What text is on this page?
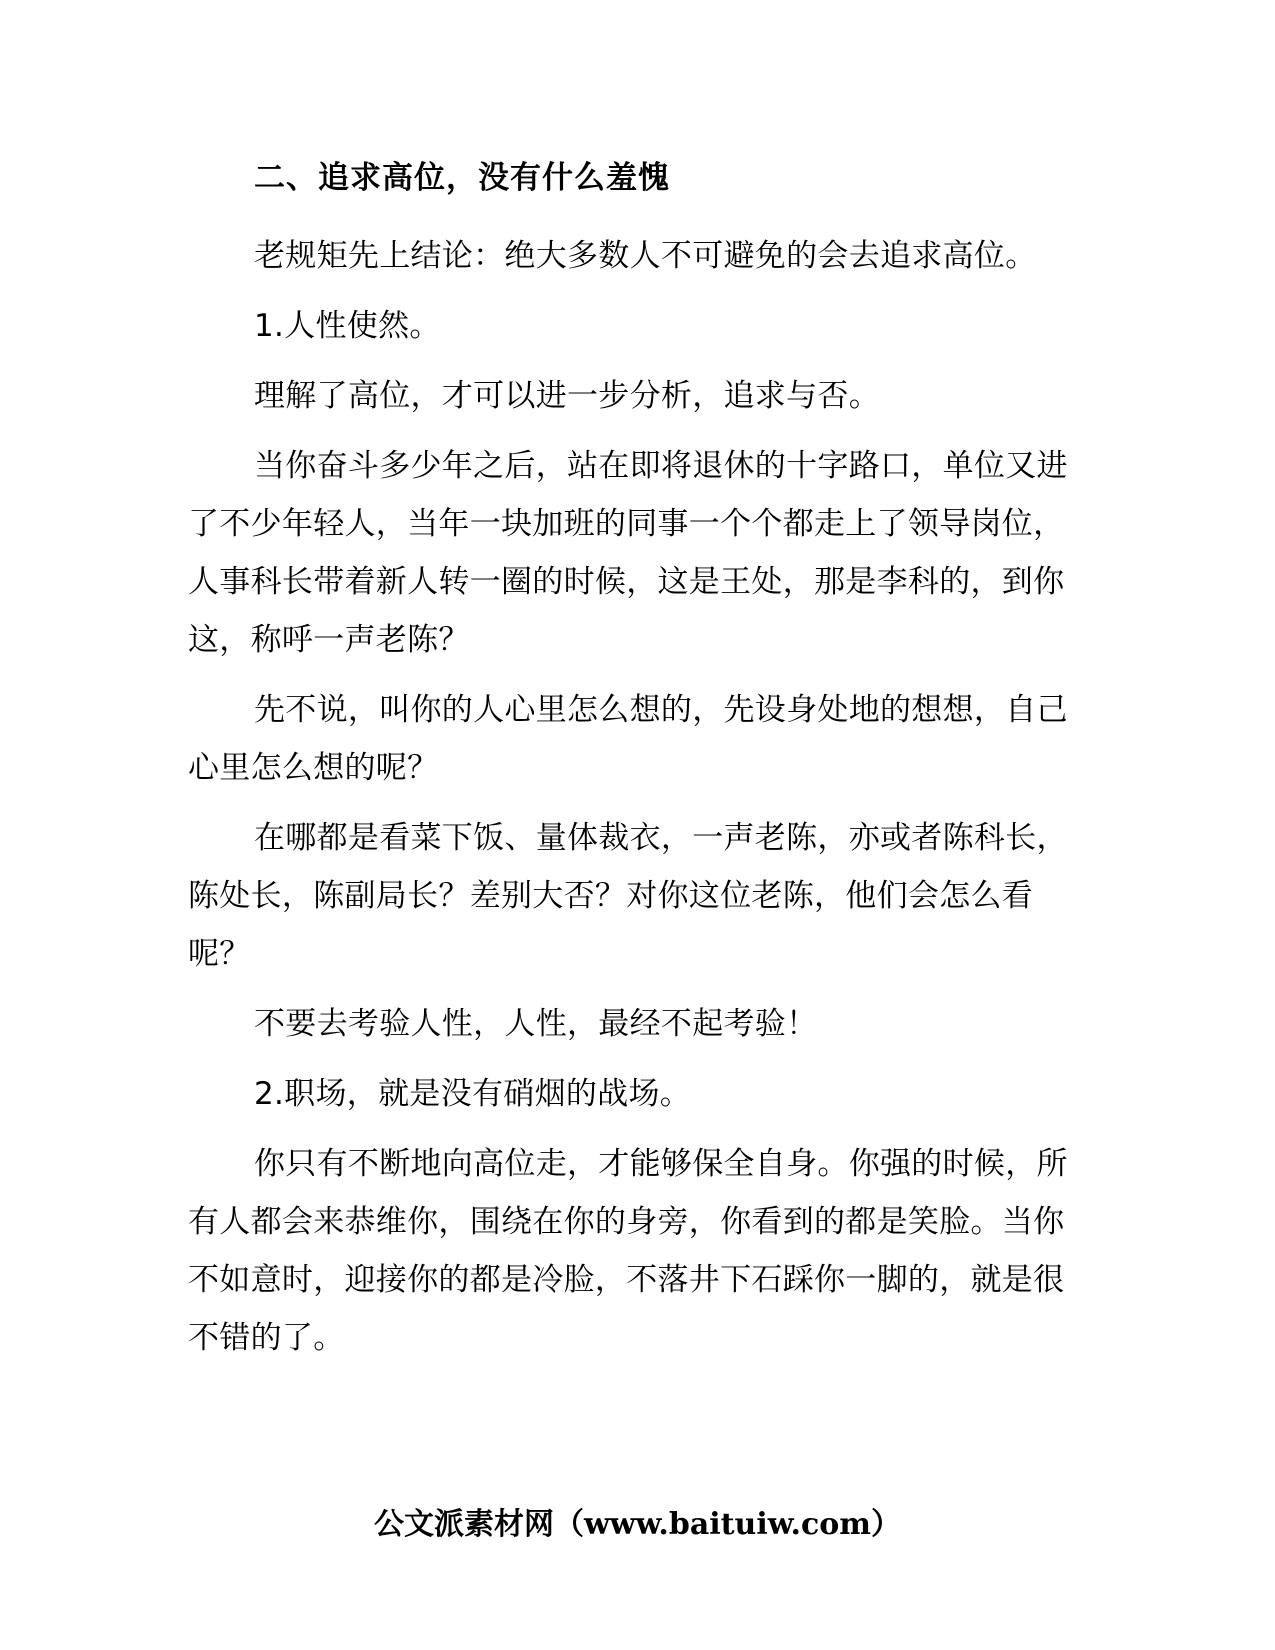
二、追求高位，没有什么羞愧

老规矩先上结论：绝大多数人不可避免的会去追求高位。

1.人性使然。

理解了高位，才可以进一步分析，追求与否。

当你奋斗多少年之后，站在即将退休的十字路口，单位又进了不少年轻人，当年一块加班的同事一个个都走上了领导岗位，人事科长带着新人转一圈的时候，这是王处，那是李科的，到你这，称呼一声老陈？

先不说，叫你的人心里怎么想的，先设身处地的想想，自己心里怎么想的呢？

在哪都是看菜下饭、量体裁衣，一声老陈，亦或者陈科长，陈处长，陈副局长？差别大否？对你这位老陈，他们会怎么看呢？

不要去考验人性，人性，最经不起考验！

2.职场，就是没有硝烟的战场。

你只有不断地向高位走，才能够保全自身。你强的时候，所有人都会来恭维你，围绕在你的身旁，你看到的都是笑脸。当你不如意时，迎接你的都是冷脸，不落井下石踩你一脚的，就是很不错的了。

公文派素材网（www.baituiw.com）
